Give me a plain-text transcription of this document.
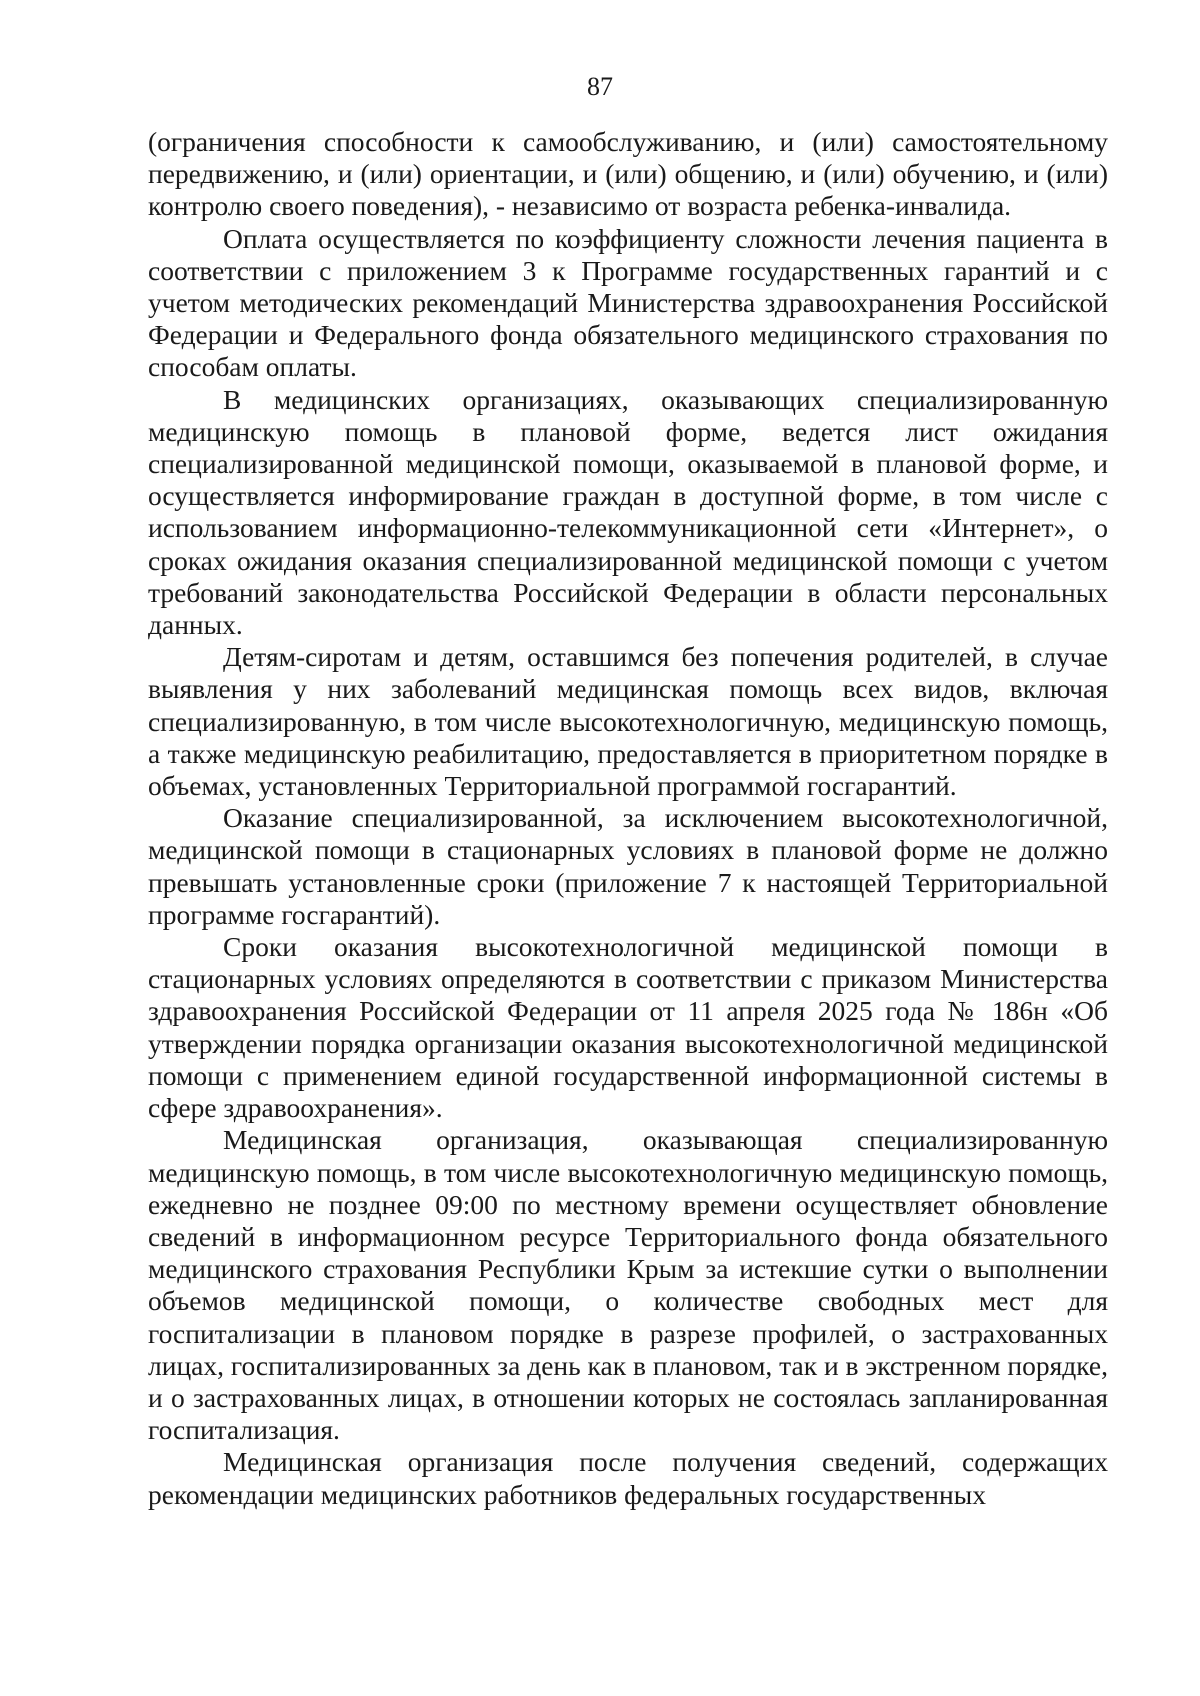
87

(ограничения способности к самообслуживанию, и (или) самостоятельному передвижению, и (или) ориентации, и (или) общению, и (или) обучению, и (или) контролю своего поведения), - независимо от возраста ребенка-инвалида.

Оплата осуществляется по коэффициенту сложности лечения пациента в соответствии с приложением 3 к Программе государственных гарантий и с учетом методических рекомендаций Министерства здравоохранения Российской Федерации и Федерального фонда обязательного медицинского страхования по способам оплаты.

В медицинских организациях, оказывающих специализированную медицинскую помощь в плановой форме, ведется лист ожидания специализированной медицинской помощи, оказываемой в плановой форме, и осуществляется информирование граждан в доступной форме, в том числе с использованием информационно-телекоммуникационной сети «Интернет», о сроках ожидания оказания специализированной медицинской помощи с учетом требований законодательства Российской Федерации в области персональных данных.

Детям-сиротам и детям, оставшимся без попечения родителей, в случае выявления у них заболеваний медицинская помощь всех видов, включая специализированную, в том числе высокотехнологичную, медицинскую помощь, а также медицинскую реабилитацию, предоставляется в приоритетном порядке в объемах, установленных Территориальной программой госгарантий.

Оказание специализированной, за исключением высокотехнологичной, медицинской помощи в стационарных условиях в плановой форме не должно превышать установленные сроки (приложение 7 к настоящей Территориальной программе госгарантий).

Сроки оказания высокотехнологичной медицинской помощи в стационарных условиях определяются в соответствии с приказом Министерства здравоохранения Российской Федерации от 11 апреля 2025 года № 186н «Об утверждении порядка организации оказания высокотехнологичной медицинской помощи с применением единой государственной информационной системы в сфере здравоохранения».

Медицинская организация, оказывающая специализированную медицинскую помощь, в том числе высокотехнологичную медицинскую помощь, ежедневно не позднее 09:00 по местному времени осуществляет обновление сведений в информационном ресурсе Территориального фонда обязательного медицинского страхования Республики Крым за истекшие сутки о выполнении объемов медицинской помощи, о количестве свободных мест для госпитализации в плановом порядке в разрезе профилей, о застрахованных лицах, госпитализированных за день как в плановом, так и в экстренном порядке, и о застрахованных лицах, в отношении которых не состоялась запланированная госпитализация.

Медицинская организация после получения сведений, содержащих рекомендации медицинских работников федеральных государственных
